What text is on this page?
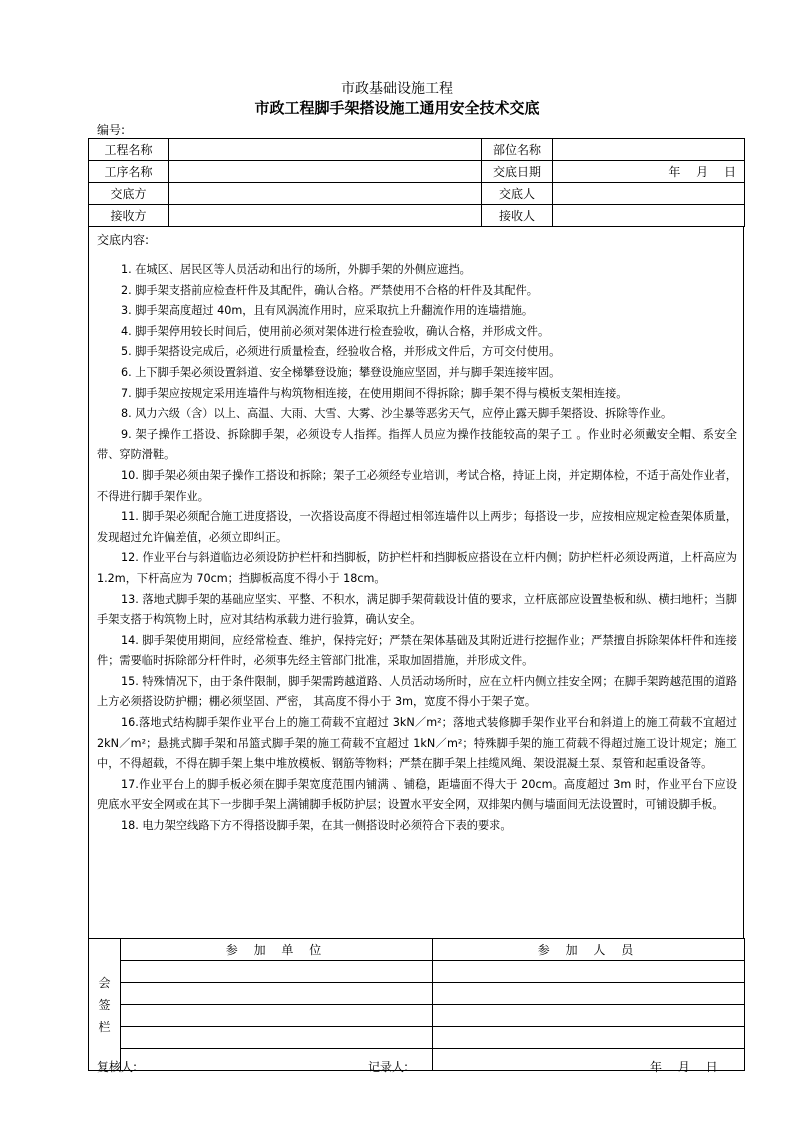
市政基础设施工程
市政工程脚手架搭设施工通用安全技术交底
编号:
工程名称		部位名称	
工序名称		交底日期	年 月 日
交底方		交底人	
接收方		接收人	
交底内容:

1. 在城区、居民区等人员活动和出行的场所，外脚手架的外侧应遮挡。

2. 脚手架支搭前应检查杆件及其配件，确认合格。严禁使用不合格的杆件及其配件。

3. 脚手架高度超过 40m，且有风涡流作用时，应采取抗上升翻流作用的连墙措施。

4. 脚手架停用较长时间后，使用前必须对架体进行检查验收，确认合格，并形成文件。

5. 脚手架搭设完成后，必须进行质量检查，经验收合格，并形成文件后，方可交付使用。

6. 上下脚手架必须设置斜道、安全梯攀登设施；攀登设施应坚固，并与脚手架连接牢固。

7. 脚手架应按规定采用连墙件与构筑物相连接，在使用期间不得拆除；脚手架不得与模板支架相连接。

8. 风力六级（含）以上、高温、大雨、大雪、大雾、沙尘暴等恶劣天气，应停止露天脚手架搭设、拆除等作业。

9. 架子操作工搭设、拆除脚手架，必须设专人指挥。指挥人员应为操作技能较高的架子工 。作业时必须戴安全帽、系安全带、穿防滑鞋。

10. 脚手架必须由架子操作工搭设和拆除；架子工必须经专业培训，考试合格，持证上岗，并定期体检，不适于高处作业者，不得进行脚手架作业。

11. 脚手架必须配合施工进度搭设，一次搭设高度不得超过相邻连墙件以上两步；每搭设一步，应按相应规定检查架体质量，发现超过允许偏差值，必须立即纠正。

12. 作业平台与斜道临边必须设防护栏杆和挡脚板，防护栏杆和挡脚板应搭设在立杆内侧；防护栏杆必须设两道，上杆高应为 1.2m，下杆高应为 70cm；挡脚板高度不得小于 18cm。

13. 落地式脚手架的基础应坚实、平整、不积水，满足脚手架荷载设计值的要求，立杆底部应设置垫板和纵、横扫地杆；当脚手架支搭于构筑物上时，应对其结构承载力进行验算，确认安全。

14. 脚手架使用期间，应经常检查、维护，保持完好；严禁在架体基础及其附近进行挖掘作业；严禁擅自拆除架体杆件和连接件；需要临时拆除部分杆件时，必须事先经主管部门批准，采取加固措施，并形成文件。

15. 特殊情况下，由于条件限制，脚手架需跨越道路、人员活动场所时，应在立杆内侧立挂安全网；在脚手架跨越范围的道路上方必须搭设防护棚；棚必须坚固、严密， 其高度不得小于 3m，宽度不得小于架子宽。

16.落地式结构脚手架作业平台上的施工荷载不宜超过 3kN／m²；落地式装修脚手架作业平台和斜道上的施工荷载不宜超过 2kN／m²；悬挑式脚手架和吊篮式脚手架的施工荷载不宜超过 1kN／m²；特殊脚手架的施工荷载不得超过施工设计规定；施工中，不得超载，不得在脚手架上集中堆放模板、钢筋等物料；严禁在脚手架上挂缆风绳、架设混凝土泵、泵管和起重设备等。

17.作业平台上的脚手板必须在脚手架宽度范围内铺满 、铺稳，距墙面不得大于 20cm。高度超过 3m 时，作业平台下应设兜底水平安全网或在其下一步脚手架上满铺脚手板防护层；设置水平安全网，双排架内侧与墙面间无法设置时，可铺设脚手板。

18. 电力架空线路下方不得搭设脚手架，在其一侧搭设时必须符合下表的要求。

会签栏	参 加 单 位	参 加 人 员

复核人:	记录人:	年 月 日
